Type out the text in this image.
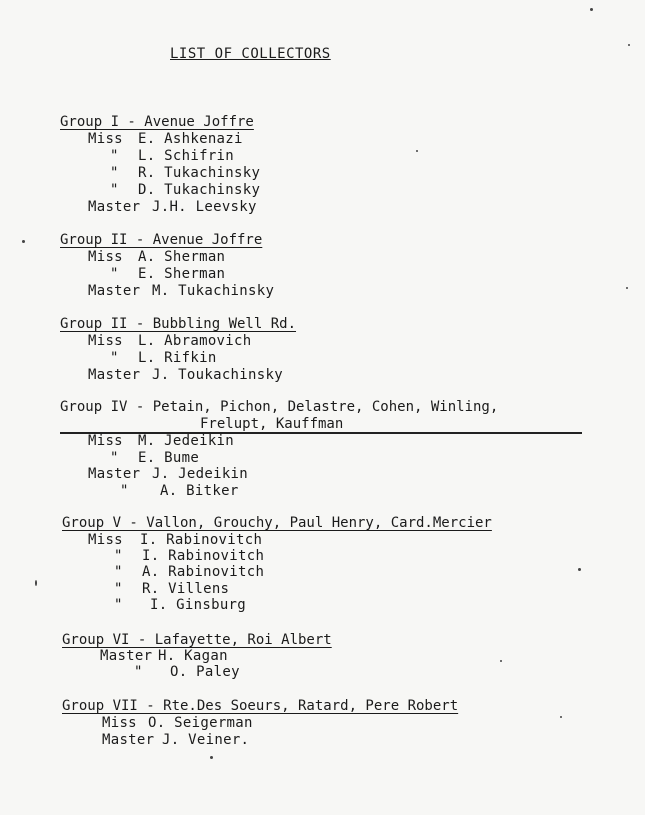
LIST OF COLLECTORS
Group I - Avenue Joffre
Miss E. Ashkenazi
" L. Schifrin
" R. Tukachinsky
" D. Tukachinsky
Master J.H. Leevsky
Group II - Avenue Joffre
Miss A. Sherman
" E. Sherman
Master M. Tukachinsky
Group II - Bubbling Well Rd.
Miss L. Abramovich
" L. Rifkin
Master J. Toukachinsky
Group IV - Petain, Pichon, Delastre, Cohen, Winling,
Frelupt, Kauffman
Miss M. Jedeikin
" E. Bume
Master J. Jedeikin
" A. Bitker
Group V - Vallon, Grouchy, Paul Henry, Card.Mercier
Miss I. Rabinovitch
" I. Rabinovitch
" A. Rabinovitch
" R. Villens
" I. Ginsburg
Group VI - Lafayette, Roi Albert
Master H. Kagan
" O. Paley
Group VII - Rte.Des Soeurs, Ratard, Pere Robert
Miss O. Seigerman
Master J. Veiner.
